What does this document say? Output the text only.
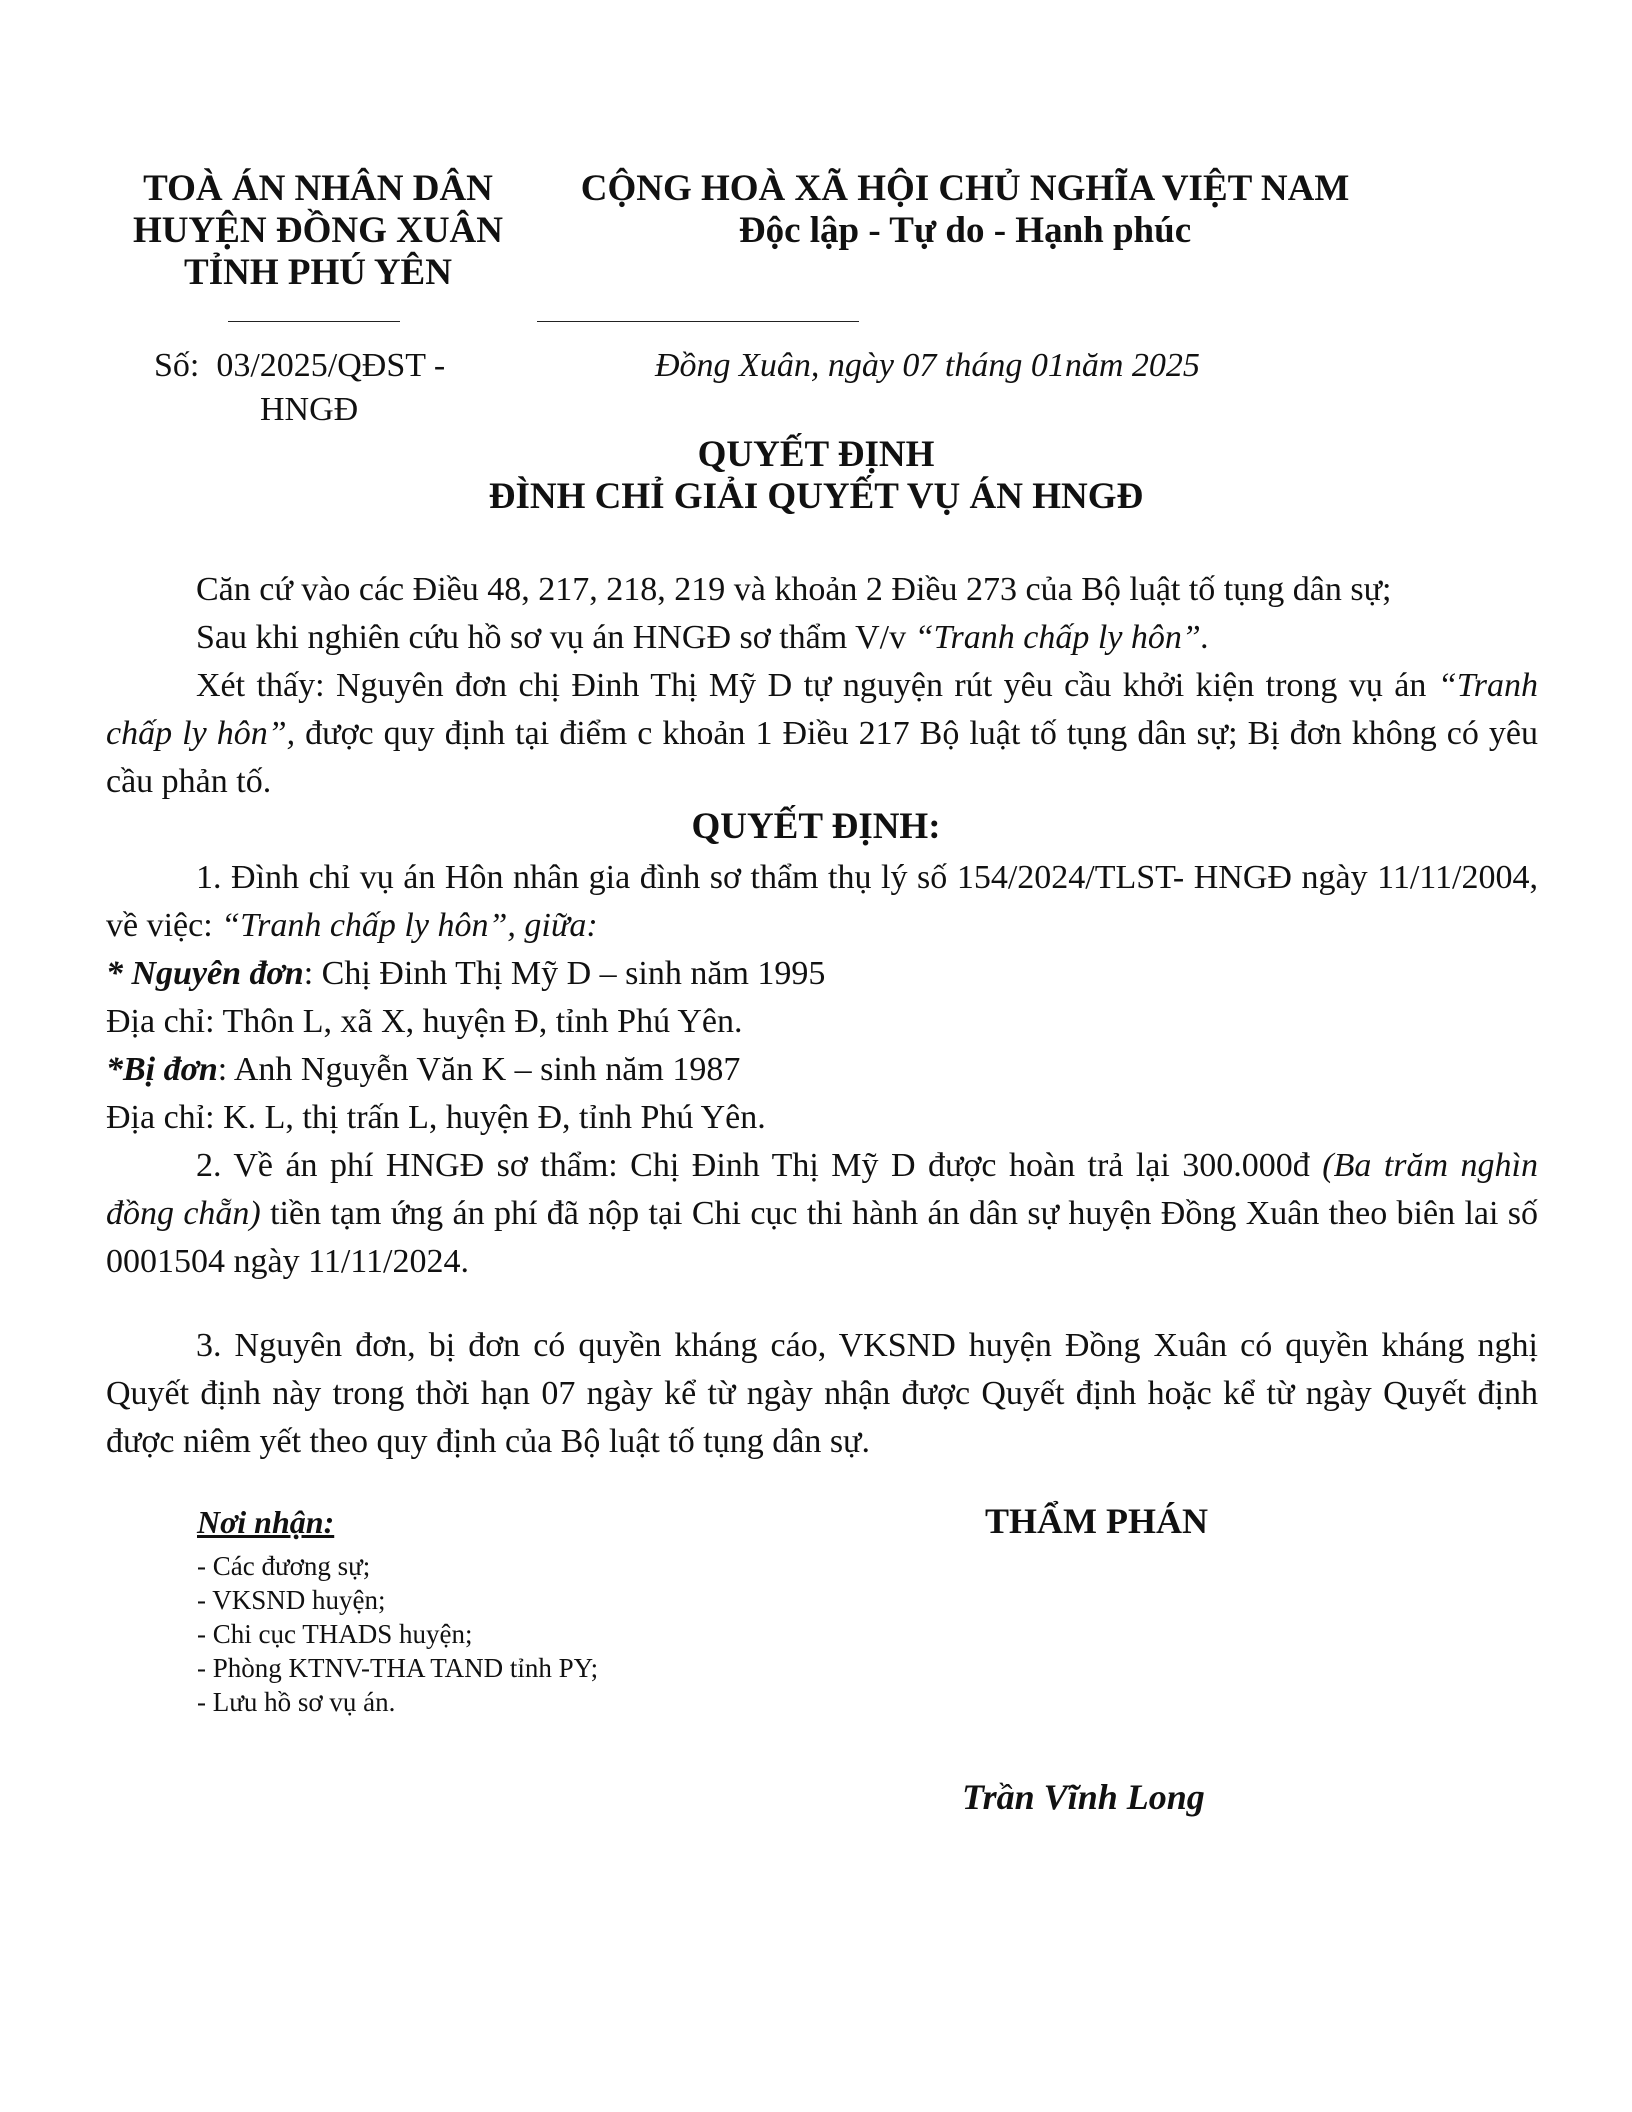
TOÀ ÁN NHÂN DÂN
HUYỆN ĐỒNG XUÂN
TỈNH PHÚ YÊN
CỘNG HOÀ XÃ HỘI CHỦ NGHĨA VIỆT NAM
Độc lập - Tự do - Hạnh phúc
Số: 03/2025/QĐST -
HNGĐ
Đồng Xuân, ngày 07 tháng 01năm 2025
QUYẾT ĐỊNH
ĐÌNH CHỈ GIẢI QUYẾT VỤ ÁN HNGĐ
Căn cứ vào các Điều 48, 217, 218, 219 và khoản 2 Điều 273 của Bộ luật tố tụng dân sự;
Sau khi nghiên cứu hồ sơ vụ án HNGĐ sơ thẩm V/v “Tranh chấp ly hôn”.
Xét thấy: Nguyên đơn chị Đinh Thị Mỹ D tự nguyện rút yêu cầu khởi kiện trong vụ án “Tranh chấp ly hôn”, được quy định tại điểm c khoản 1 Điều 217 Bộ luật tố tụng dân sự; Bị đơn không có yêu cầu phản tố.
QUYẾT ĐỊNH:
1. Đình chỉ vụ án Hôn nhân gia đình sơ thẩm thụ lý số 154/2024/TLST- HNGĐ ngày 11/11/2004, về việc: “Tranh chấp ly hôn”, giữa:
* Nguyên đơn: Chị Đinh Thị Mỹ D – sinh năm 1995
Địa chỉ: Thôn L, xã X, huyện Đ, tỉnh Phú Yên.
*Bị đơn: Anh Nguyễn Văn K – sinh năm 1987
Địa chỉ: K. L, thị trấn L, huyện Đ, tỉnh Phú Yên.
2. Về án phí HNGĐ sơ thẩm: Chị Đinh Thị Mỹ D được hoàn trả lại 300.000đ (Ba trăm nghìn đồng chẵn) tiền tạm ứng án phí đã nộp tại Chi cục thi hành án dân sự huyện Đồng Xuân theo biên lai số 0001504 ngày 11/11/2024.
3. Nguyên đơn, bị đơn có quyền kháng cáo, VKSND huyện Đồng Xuân có quyền kháng nghị Quyết định này trong thời hạn 07 ngày kể từ ngày nhận được Quyết định hoặc kể từ ngày Quyết định được niêm yết theo quy định của Bộ luật tố tụng dân sự.
Nơi nhận:
- Các đương sự;
- VKSND huyện;
- Chi cục THADS huyện;
- Phòng KTNV-THA TAND tỉnh PY;
- Lưu hồ sơ vụ án.
THẨM PHÁN
Trần Vĩnh Long
